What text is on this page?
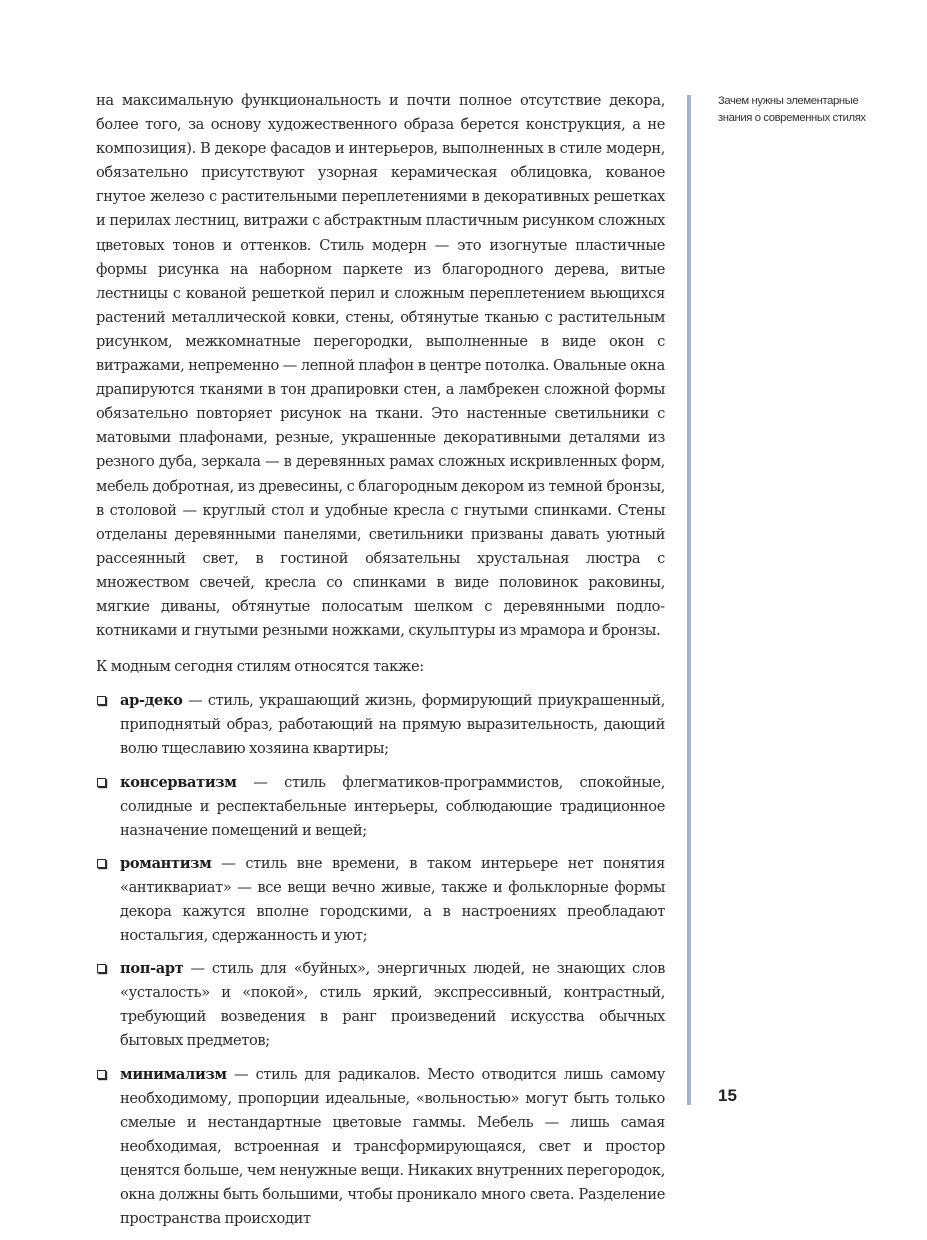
на максимальную функциональность и почти полное отсутствие декора, более того, за основу художественного образа берется конструкция, а не композиция). В декоре фасадов и интерьеров, выполненных в стиле модерн, обязательно присутствуют узорная керамическая облицовка, кованое гнутое железо с растительными переплетениями в декоративных решетках и перилах лестниц, витражи с абстрактным пластичным рисунком сложных цветовых тонов и оттенков. Стиль модерн — это изогнутые пластичные формы рисунка на наборном паркете из благородного дерева, витые лестницы с кованой решеткой перил и сложным переплетением вьющихся растений металлической ковки, стены, обтянутые тканью с растительным рисунком, межкомнатные перегородки, выполненные в виде окон с витражами, непременно — лепной плафон в центре потолка. Овальные окна драпируются тканями в тон драпировки стен, а ламбрекен сложной формы обязательно повторяет рисунок на ткани. Это настенные светильники с матовыми плафонами, резные, украшенные декоративными деталями из резного дуба, зеркала — в деревянных рамах сложных искривленных форм, мебель добротная, из древесины, с благородным декором из темной бронзы, в столовой — круглый стол и удобные кресла с гнутыми спинками. Стены отделаны деревянными панелями, светильники призваны давать уютный рассеянный свет, в гостиной обязательны хрустальная люстра с множеством свечей, кресла со спинками в виде половинок раковины, мягкие диваны, обтянутые полосатым шелком с деревянными подлокотниками и гнутыми резными ножками, скульптуры из мрамора и бронзы.

К модным сегодня стилям относятся также:

ар-деко — стиль, украшающий жизнь, формирующий приукрашенный, приподнятый образ, работающий на прямую выразительность, дающий волю тщеславию хозяина квартиры;
консерватизм — стиль флегматиков-программистов, спокойные, солидные и респектабельные интерьеры, соблюдающие традиционное назначение помещений и вещей;
романтизм — стиль вне времени, в таком интерьере нет понятия «антиквариат» — все вещи вечно живые, также и фольклорные формы декора кажутся вполне городскими, а в настроениях преобладают ностальгия, сдержанность и уют;
поп-арт — стиль для «буйных», энергичных людей, не знающих слов «усталость» и «покой», стиль яркий, экспрессивный, контрастный, требующий возведения в ранг произведений искусства обычных бытовых предметов;
минимализм — стиль для радикалов. Место отводится лишь самому необходимому, пропорции идеальные, «вольностью» могут быть только смелые и нестандартные цветовые гаммы. Мебель — лишь самая необходимая, встроенная и трансформирующаяся, свет и простор ценятся больше, чем ненужные вещи. Никаких внутренних перегородок, окна должны быть большими, чтобы проникало много света. Разделение пространства происходит
Зачем нужны элементарные
знания о современных стилях
15
